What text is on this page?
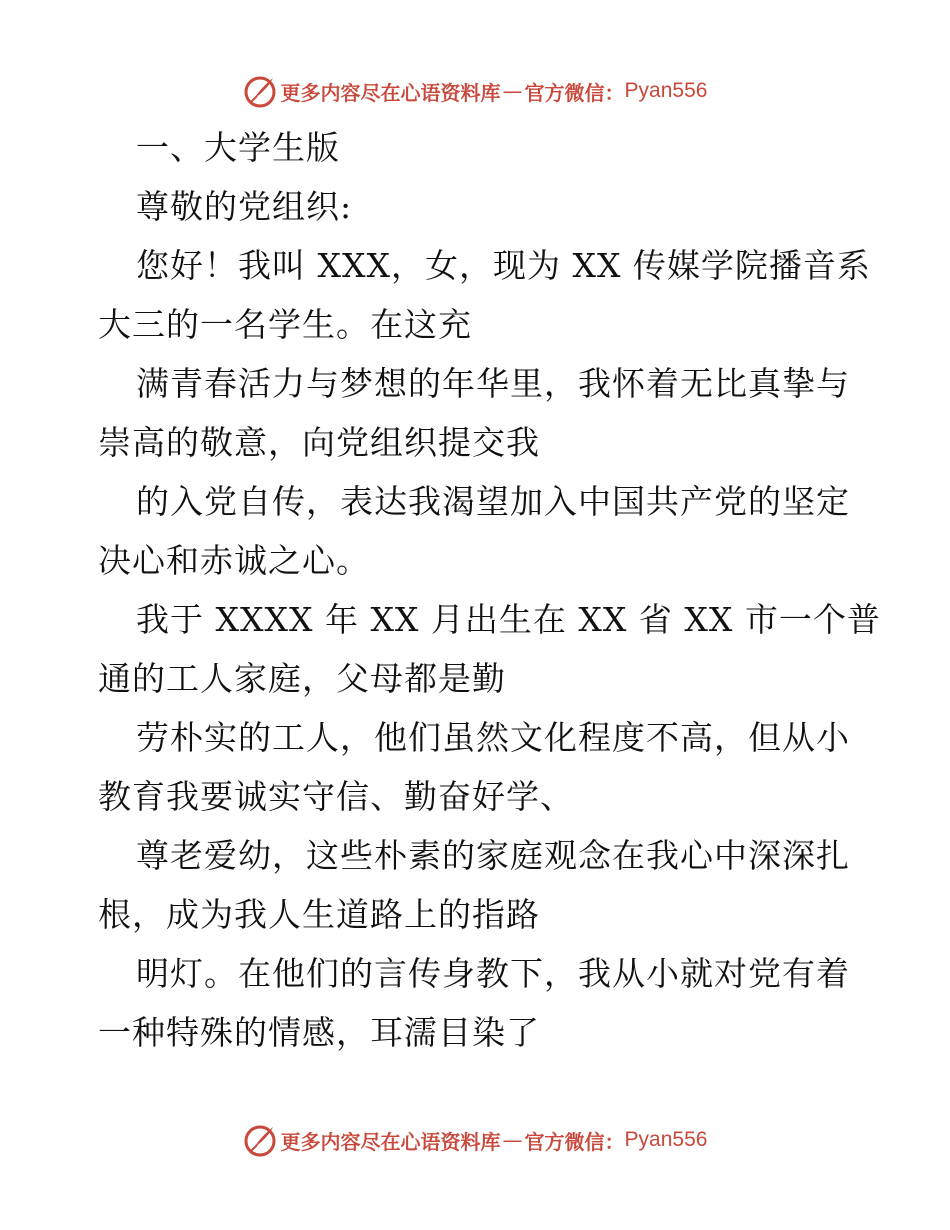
更多内容尽在心语资料库 — 官方微信： Pyan556
一、大学生版
尊敬的党组织:
您好！我叫 XXX，女，现为 XX 传媒学院播音系
大三的一名学生。在这充
满青春活力与梦想的年华里，我怀着无比真挚与
崇高的敬意，向党组织提交我
的入党自传，表达我渴望加入中国共产党的坚定
决心和赤诚之心。
我于 XXXX 年 XX 月出生在 XX 省 XX 市一个普
通的工人家庭，父母都是勤
劳朴实的工人，他们虽然文化程度不高，但从小
教育我要诚实守信、勤奋好学、
尊老爱幼，这些朴素的家庭观念在我心中深深扎
根，成为我人生道路上的指路
明灯。在他们的言传身教下，我从小就对党有着
一种特殊的情感，耳濡目染了
更多内容尽在心语资料库 — 官方微信： Pyan556
